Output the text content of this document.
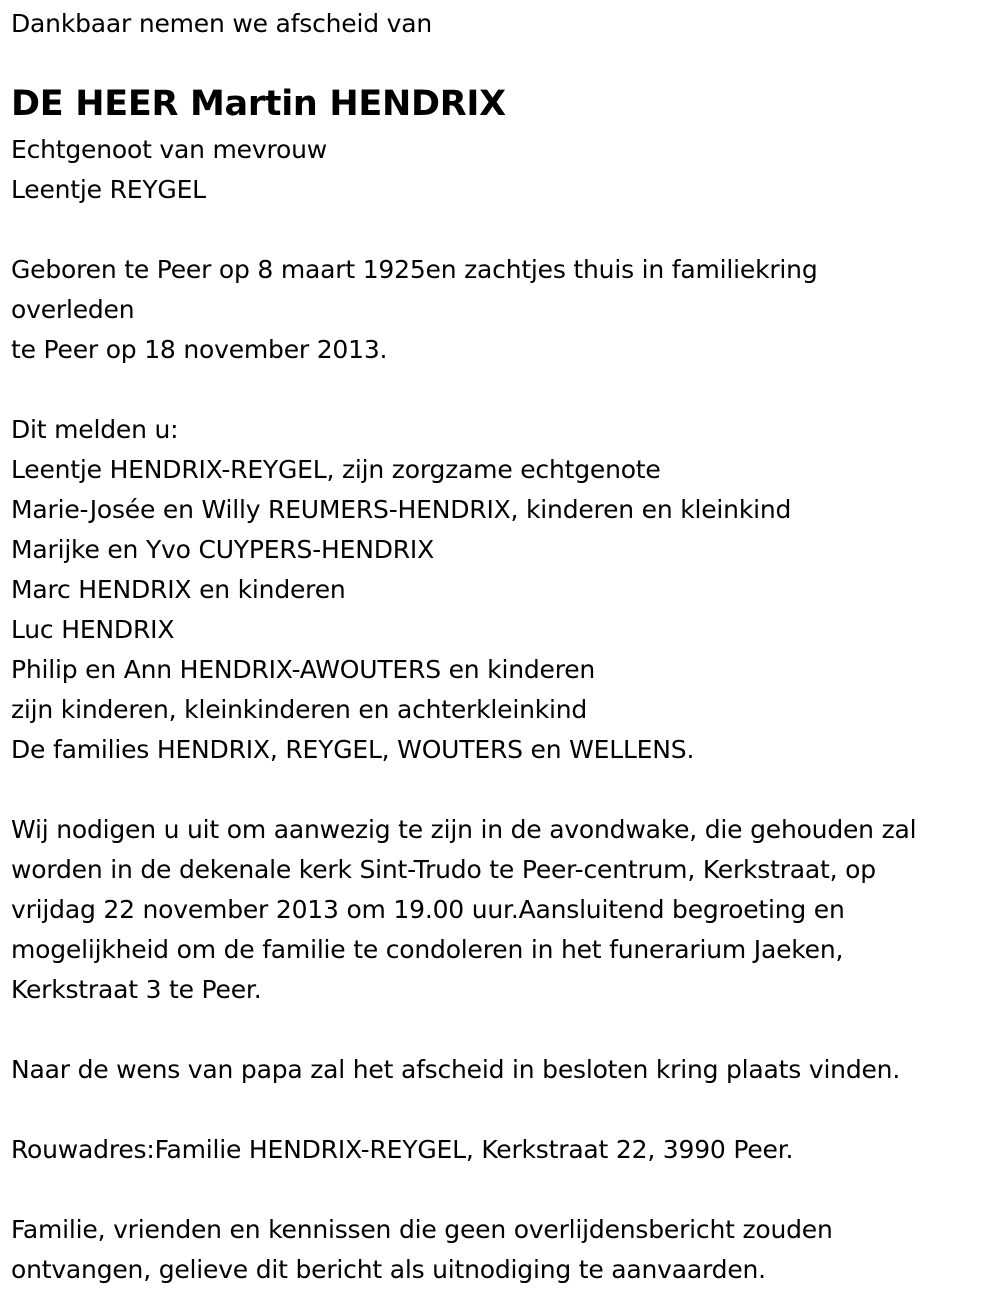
Dankbaar nemen we afscheid van
DE HEER Martin HENDRIX
Echtgenoot van mevrouw
Leentje REYGEL
Geboren te Peer op 8 maart 1925en zachtjes thuis in familiekring
overleden
te Peer op 18 november 2013.
Dit melden u:
Leentje HENDRIX-REYGEL, zijn zorgzame echtgenote
Marie-Josée en Willy REUMERS-HENDRIX, kinderen en kleinkind
Marijke en Yvo CUYPERS-HENDRIX
Marc HENDRIX en kinderen
Luc HENDRIX
Philip en Ann HENDRIX-AWOUTERS en kinderen
zijn kinderen, kleinkinderen en achterkleinkind
De families HENDRIX, REYGEL, WOUTERS en WELLENS.
Wij nodigen u uit om aanwezig te zijn in de avondwake, die gehouden zal
worden in de dekenale kerk Sint-Trudo te Peer-centrum, Kerkstraat, op
vrijdag 22 november 2013 om 19.00 uur.Aansluitend begroeting en
mogelijkheid om de familie te condoleren in het funerarium Jaeken,
Kerkstraat 3 te Peer.
Naar de wens van papa zal het afscheid in besloten kring plaats vinden.
Rouwadres:Familie HENDRIX-REYGEL, Kerkstraat 22, 3990 Peer.
Familie, vrienden en kennissen die geen overlijdensbericht zouden
ontvangen, gelieve dit bericht als uitnodiging te aanvaarden.
